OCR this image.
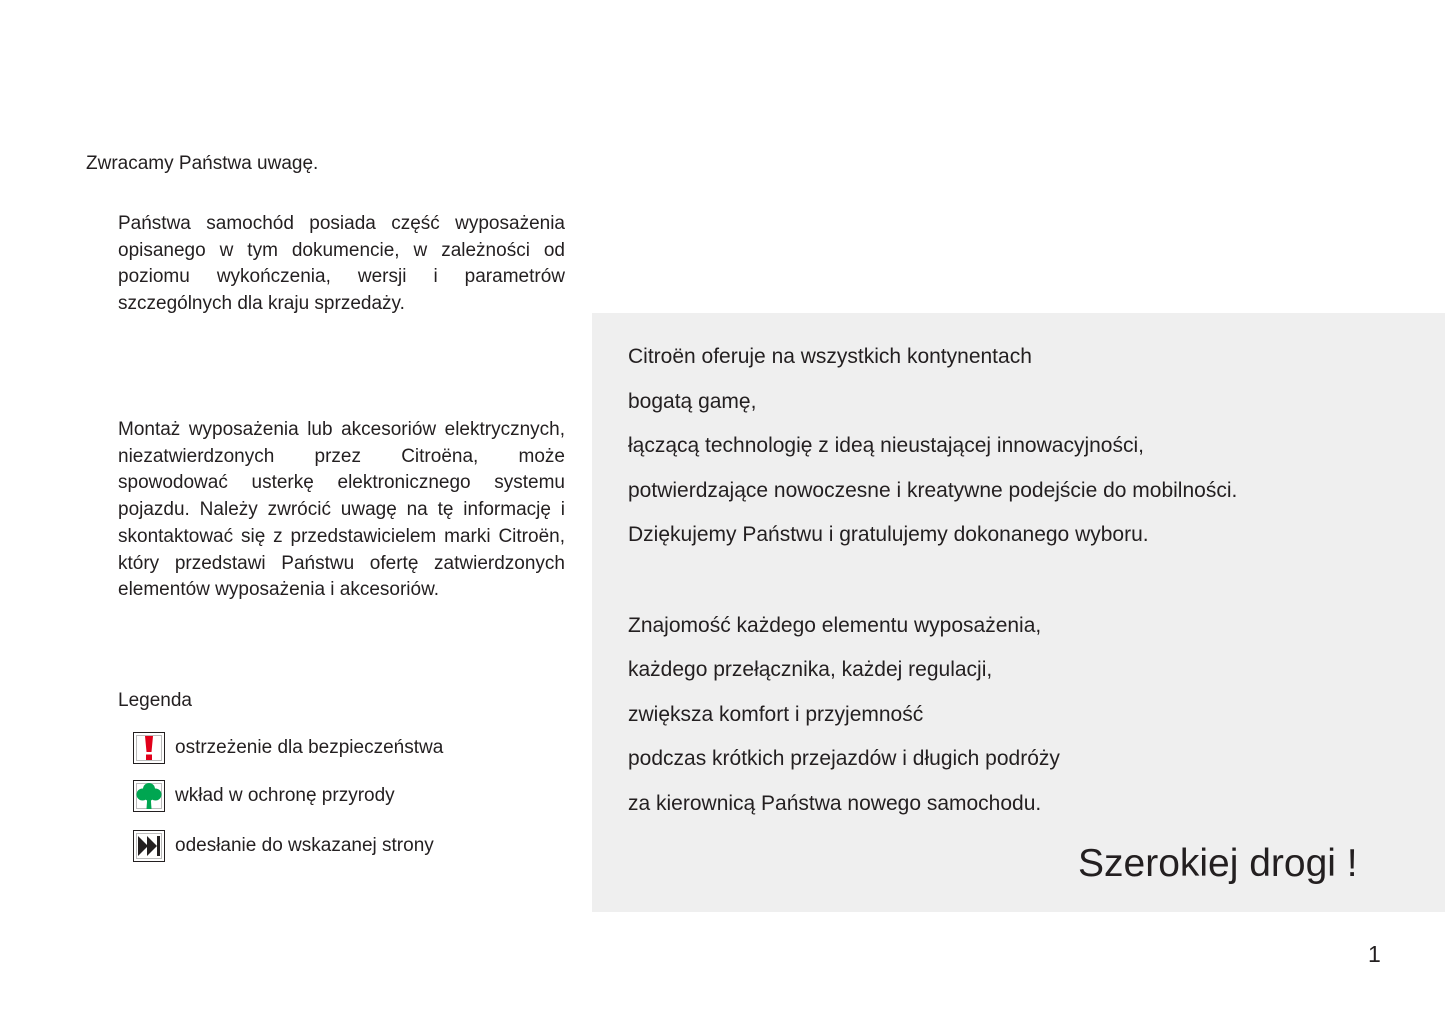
Zwracamy Państwa uwagę.

Państwa samochód posiada część wyposażenia opisanego w tym dokumencie, w zależności od poziomu wykończenia, wersji i parametrów szczególnych dla kraju sprzedaży.

Montaż wyposażenia lub akcesoriów elektrycznych, niezatwierdzonych przez Citroëna, może spowodować usterkę elektronicznego systemu pojazdu. Należy zwrócić uwagę na tę informację i skontaktować się z przedstawicielem marki Citroën, który przedstawi Państwu ofertę zatwierdzonych elementów wyposażenia i akcesoriów.

Legenda

ostrzeżenie dla bezpieczeństwa
wkład w ochronę przyrody
odesłanie do wskazanej strony

Citroën oferuje na wszystkich kontynentach

bogatą gamę,

łączącą technologię z ideą nieustającej innowacyjności,

potwierdzające nowoczesne i kreatywne podejście do mobilności.

Dziękujemy Państwu i gratulujemy dokonanego wyboru.

Znajomość każdego elementu wyposażenia,

każdego przełącznika, każdej regulacji,

zwiększa komfort i przyjemność

podczas krótkich przejazdów i długich podróży

za kierownicą Państwa nowego samochodu.

Szerokiej drogi !

1
